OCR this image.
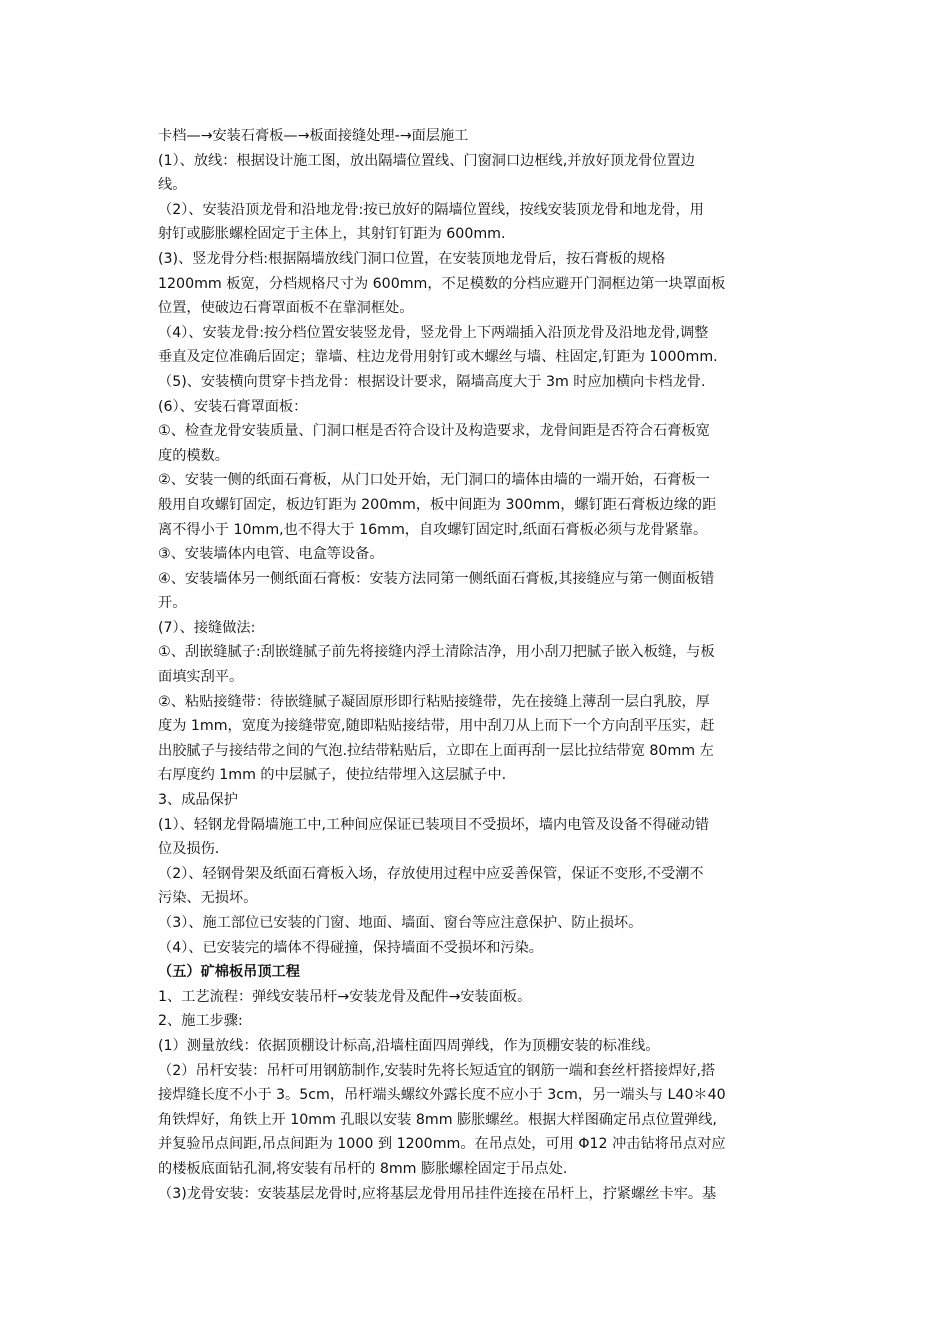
卡档—→安装石膏板—→板面接缝处理-→面层施工

(1）、放线：根据设计施工图，放出隔墙位置线、门窗洞口边框线,并放好顶龙骨位置边

线。

（2）、安装沿顶龙骨和沿地龙骨:按已放好的隔墙位置线，按线安装顶龙骨和地龙骨，用

射钉或膨胀螺栓固定于主体上，其射钉钉距为 600mm.

(3)、竖龙骨分档:根据隔墙放线门洞口位置，在安装顶地龙骨后，按石膏板的规格

1200mm 板宽，分档规格尺寸为 600mm，不足模数的分档应避开门洞框边第一块罩面板

位置，使破边石膏罩面板不在靠洞框处。

（4）、安装龙骨:按分档位置安装竖龙骨，竖龙骨上下两端插入沿顶龙骨及沿地龙骨,调整

垂直及定位准确后固定；靠墙、柱边龙骨用射钉或木螺丝与墙、柱固定,钉距为 1000mm.

（5)、安装横向贯穿卡挡龙骨：根据设计要求，隔墙高度大于 3m 时应加横向卡档龙骨.

(6）、安装石膏罩面板：

①、检查龙骨安装质量、门洞口框是否符合设计及构造要求，龙骨间距是否符合石膏板宽

度的模数。

②、安装一侧的纸面石膏板，从门口处开始，无门洞口的墙体由墙的一端开始，石膏板一

般用自攻螺钉固定，板边钉距为 200mm，板中间距为 300mm，螺钉距石膏板边缘的距

离不得小于 10mm,也不得大于 16mm，自攻螺钉固定时,纸面石膏板必须与龙骨紧靠。

③、安装墙体内电管、电盒等设备。

④、安装墙体另一侧纸面石膏板：安装方法同第一侧纸面石膏板,其接缝应与第一侧面板错

开。

(7）、接缝做法:

①、刮嵌缝腻子:刮嵌缝腻子前先将接缝内浮土清除洁净，用小刮刀把腻子嵌入板缝，与板

面填实刮平。

②、粘贴接缝带：待嵌缝腻子凝固原形即行粘贴接缝带，先在接缝上薄刮一层白乳胶，厚

度为 1mm，宽度为接缝带宽,随即粘贴接结带，用中刮刀从上而下一个方向刮平压实，赶

出胶腻子与接结带之间的气泡.拉结带粘贴后，立即在上面再刮一层比拉结带宽 80mm 左

右厚度约 1mm 的中层腻子，使拉结带埋入这层腻子中.

3、成品保护

(1）、轻钢龙骨隔墙施工中,工种间应保证已装项目不受损坏，墙内电管及设备不得碰动错

位及损伤.

（2）、轻钢骨架及纸面石膏板入场，存放使用过程中应妥善保管，保证不变形,不受潮不

污染、无损坏。

（3）、施工部位已安装的门窗、地面、墙面、窗台等应注意保护、防止损坏。

（4）、已安装完的墙体不得碰撞，保持墙面不受损坏和污染。

（五）矿棉板吊顶工程

1、工艺流程：弹线安装吊杆→安装龙骨及配件→安装面板。

2、施工步骤:

(1）测量放线：依据顶棚设计标高,沿墙柱面四周弹线，作为顶棚安装的标准线。

（2）吊杆安装：吊杆可用钢筋制作,安装时先将长短适宜的钢筋一端和套丝杆搭接焊好,搭

接焊缝长度不小于 3。5cm，吊杆端头螺纹外露长度不应小于 3cm，另一端头与 L40＊40

角铁焊好，角铁上开 10mm 孔眼以安装 8mm 膨胀螺丝。根据大样图确定吊点位置弹线,

并复验吊点间距,吊点间距为 1000 到 1200mm。在吊点处，可用 Φ12 冲击钻将吊点对应

的楼板底面钻孔洞,将安装有吊杆的 8mm 膨胀螺栓固定于吊点处.

（3)龙骨安装：安装基层龙骨时,应将基层龙骨用吊挂件连接在吊杆上，拧紧螺丝卡牢。基
